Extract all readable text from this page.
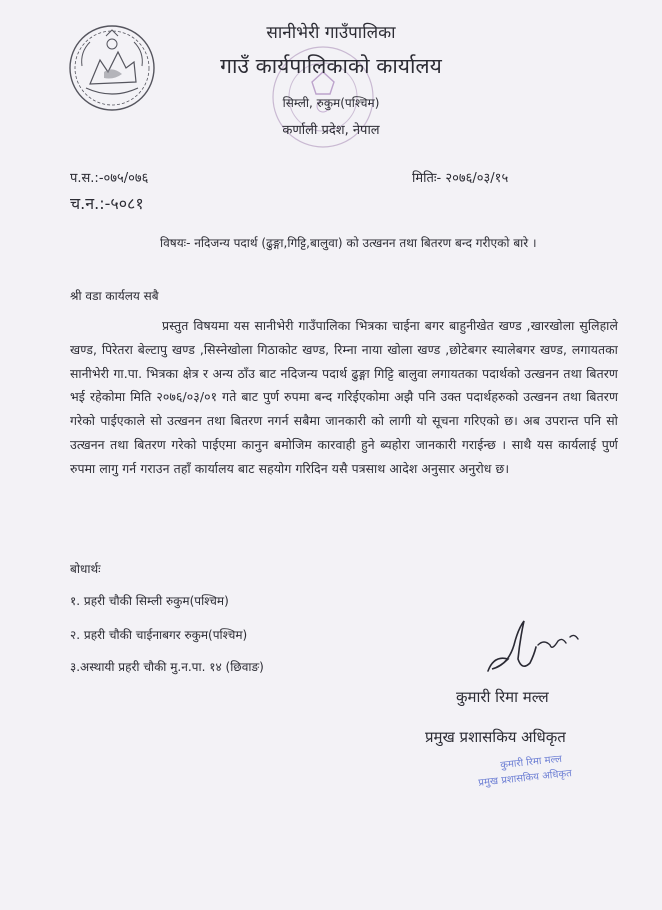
सानीभेरी गाउँपालिका
गाउँ कार्यपालिकाको कार्यालय
सिम्ली, रुकुम(पश्चिम)
कर्णाली प्रदेश, नेपाल
प.स.:-०७५/०७६	मितिः- २०७६/०३/१५
च.न.:-५०८१
विषयः- नदिजन्य पदार्थ (ढुङ्गा,गिट्टि,बालुवा) को उत्खनन तथा बितरण बन्द गरीएको बारे ।
श्री वडा कार्यलय सबै
प्रस्तुत विषयमा यस सानीभेरी गाउँपालिका भित्रका चाईना बगर बाहुनीखेत खण्ड ,खारखोला सुलिहाले खण्ड, पिरेतरा बेल्टापु खण्ड ,सिस्नेखोला गिठाकोट खण्ड, रिम्ना नाया खोला खण्ड ,छोटेबगर स्यालेबगर खण्ड, लगायतका सानीभेरी गा.पा. भित्रका क्षेत्र र अन्य ठाँउ बाट नदिजन्य पदार्थ ढुङ्गा गिट्टि बालुवा लगायतका पदार्थको उत्खनन तथा बितरण भई रहेकोमा मिति २०७६/०३/०१ गते बाट पुर्ण रुपमा बन्द गरिईएकोमा अझै पनि उक्त पदार्थहरुको उत्खनन तथा बितरण गरेको पाईएकाले सो उत्खनन तथा बितरण नगर्न सबैमा जानकारी को लागी यो सूचना गरिएको छ। अब उपरान्त पनि सो उत्खनन तथा बितरण गरेको पाईएमा कानुन बमोजिम कारवाही हुने ब्यहोरा जानकारी गराईन्छ । साथै यस कार्यलाई पुर्ण रुपमा लागु गर्न गराउन तहाँ कार्यालय बाट सहयोग गरिदिन यसै पत्रसाथ आदेश अनुसार अनुरोध छ।
बोधार्थः
१. प्रहरी चौकी सिम्ली रुकुम(पश्चिम)
२. प्रहरी चौकी चाईनाबगर रुकुम(पश्चिम)
३.अस्थायी प्रहरी चौकी मु.न.पा. १४ (छिवाङ)
कुमारी रिमा मल्ल
प्रमुख प्रशासकिय अधिकृत
कुमारी रिमा मल्ल
प्रमुख प्रशासकिय अधिकृत
